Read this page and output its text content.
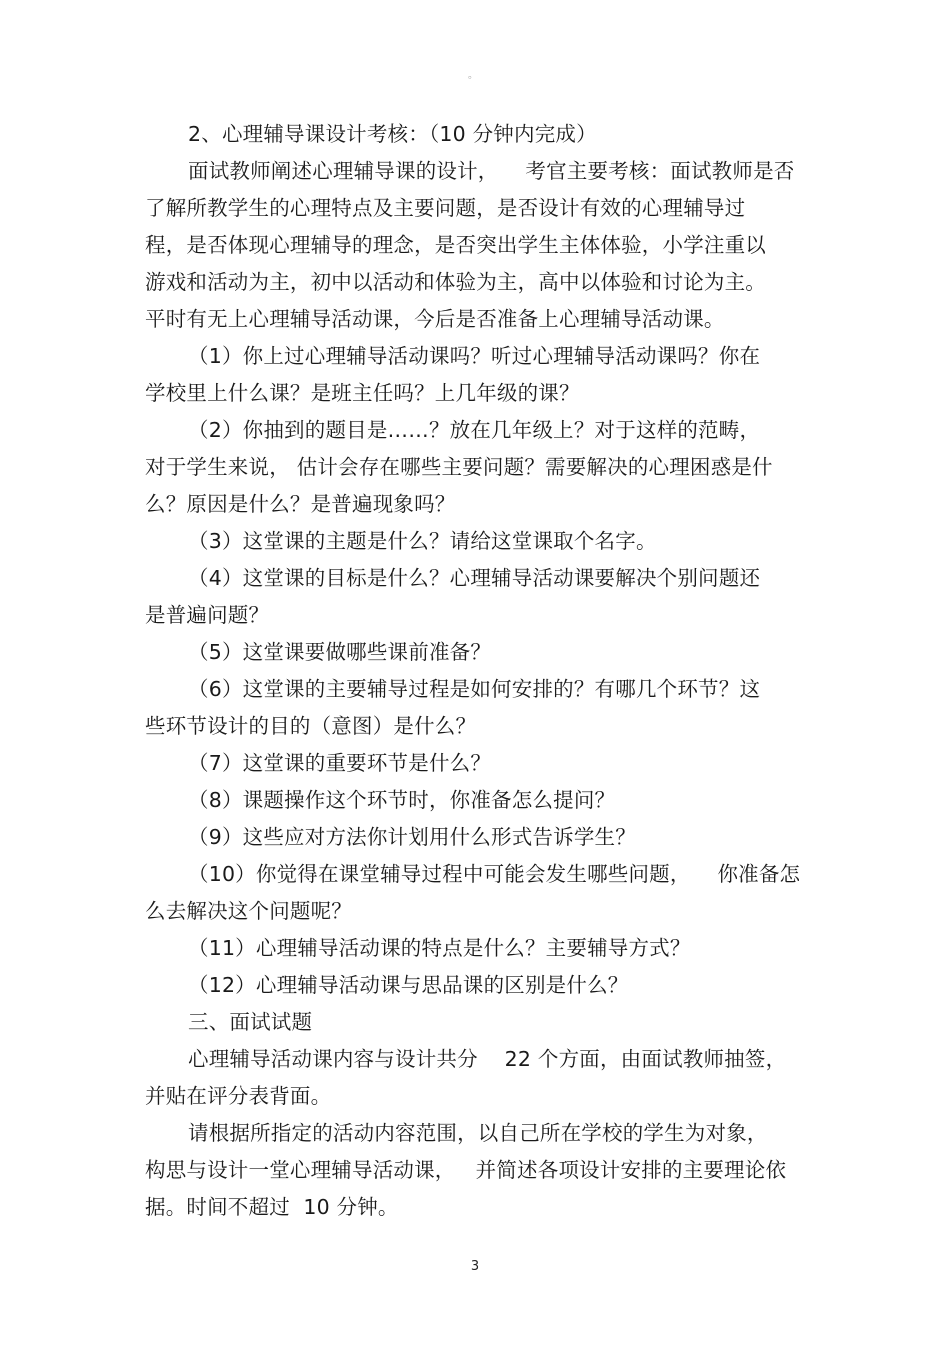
。
2、心理辅导课设计考核：（10 分钟内完成）
面试教师阐述心理辅导课的设计，    考官主要考核：面试教师是否
了解所教学生的心理特点及主要问题，是否设计有效的心理辅导过
程，是否体现心理辅导的理念，是否突出学生主体体验，小学注重以
游戏和活动为主，初中以活动和体验为主，高中以体验和讨论为主。
平时有无上心理辅导活动课，今后是否准备上心理辅导活动课。
（1）你上过心理辅导活动课吗？听过心理辅导活动课吗？你在
学校里上什么课？是班主任吗？上几年级的课？
（2）你抽到的题目是……？放在几年级上？对于这样的范畴，
对于学生来说， 估计会存在哪些主要问题？需要解决的心理困惑是什
么？原因是什么？是普遍现象吗？
（3）这堂课的主题是什么？请给这堂课取个名字。
（4）这堂课的目标是什么？心理辅导活动课要解决个别问题还
是普遍问题？
（5）这堂课要做哪些课前准备？
（6）这堂课的主要辅导过程是如何安排的？有哪几个环节？这
些环节设计的目的（意图）是什么？
（7）这堂课的重要环节是什么？
（8）课题操作这个环节时，你准备怎么提问？
（9）这些应对方法你计划用什么形式告诉学生？
（10）你觉得在课堂辅导过程中可能会发生哪些问题，    你准备怎
么去解决这个问题呢？
（11）心理辅导活动课的特点是什么？主要辅导方式？
（12）心理辅导活动课与思品课的区别是什么？
三、面试试题
心理辅导活动课内容与设计共分    22 个方面，由面试教师抽签，
并贴在评分表背面。
请根据所指定的活动内容范围，以自己所在学校的学生为对象，
构思与设计一堂心理辅导活动课，   并简述各项设计安排的主要理论依
据。时间不超过  10 分钟。
3
